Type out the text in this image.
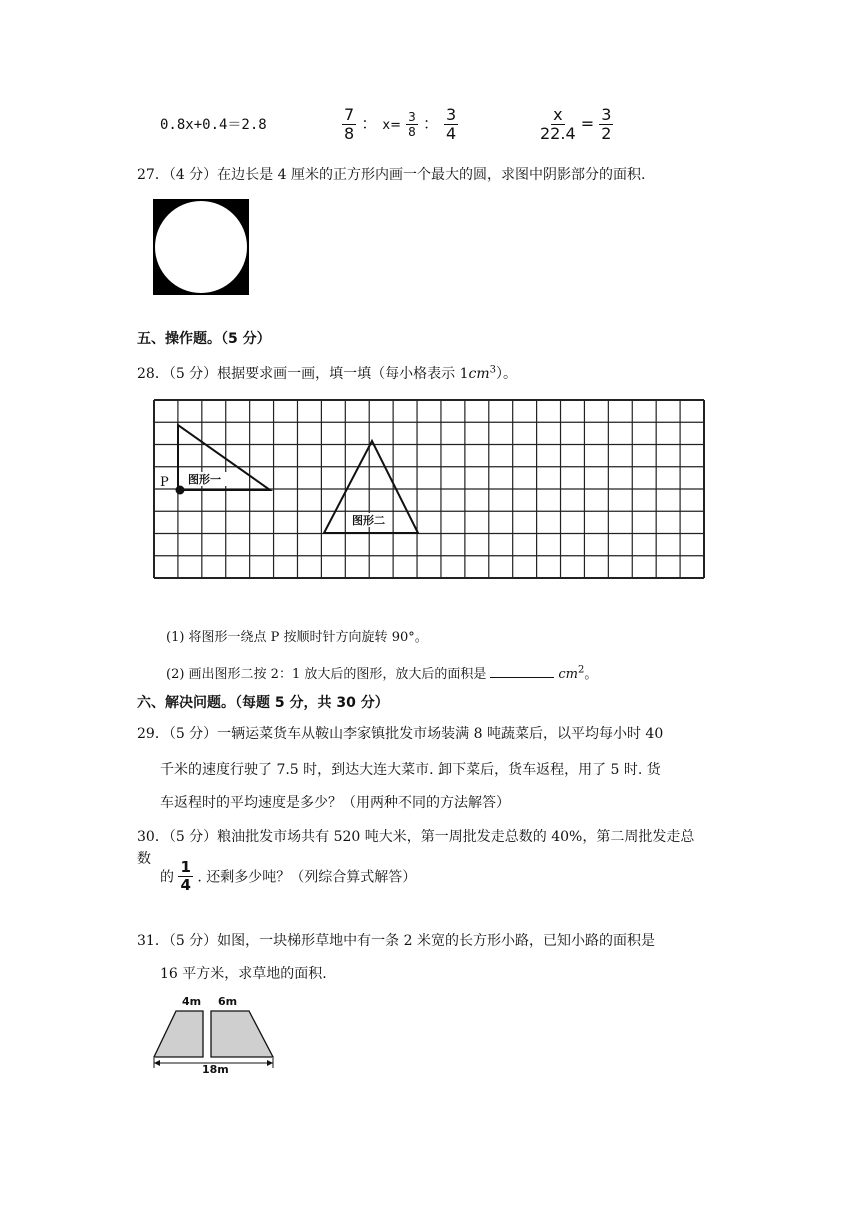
0.8x+0.4＝2.8	$\frac{7}{8}$ ： $x= \frac{3}{8}$ ： $\frac{3}{4}$	$\frac{x}{22.4} = \frac{3}{2}$
27．（4 分）在边长是 4 厘米的正方形内画一个最大的圆，求图中阴影部分的面积.
五、操作题。（5 分）
28．（5 分）根据要求画一画，填一填（每小格表示 $1cm^3$）。
P 图形一
图形二
(1) 将图形一绕点 P 按顺时针方向旋转 90°。
(2) 画出图形二按 2：1 放大后的图形，放大后的面积是	$cm^2$。
六、解决问题。（每题 5 分，共 30 分）
29．（5 分）一辆运菜货车从鞍山李家镇批发市场装满 8 吨蔬菜后，以平均每小时 40
千米的速度行驶了 7.5 时，到达大连大菜市. 卸下菜后，货车返程，用了 5 时. 货
车返程时的平均速度是多少？（用两种不同的方法解答）
30．（5 分）粮油批发市场共有 520 吨大米，第一周批发走总数的 40%，第二周批发走总
数
的 $\frac{1}{4}$ . 还剩多少吨？（列综合算式解答）
31．（5 分）如图，一块梯形草地中有一条 2 米宽的长方形小路，已知小路的面积是
16 平方米，求草地的面积.
4m 6m
18m
